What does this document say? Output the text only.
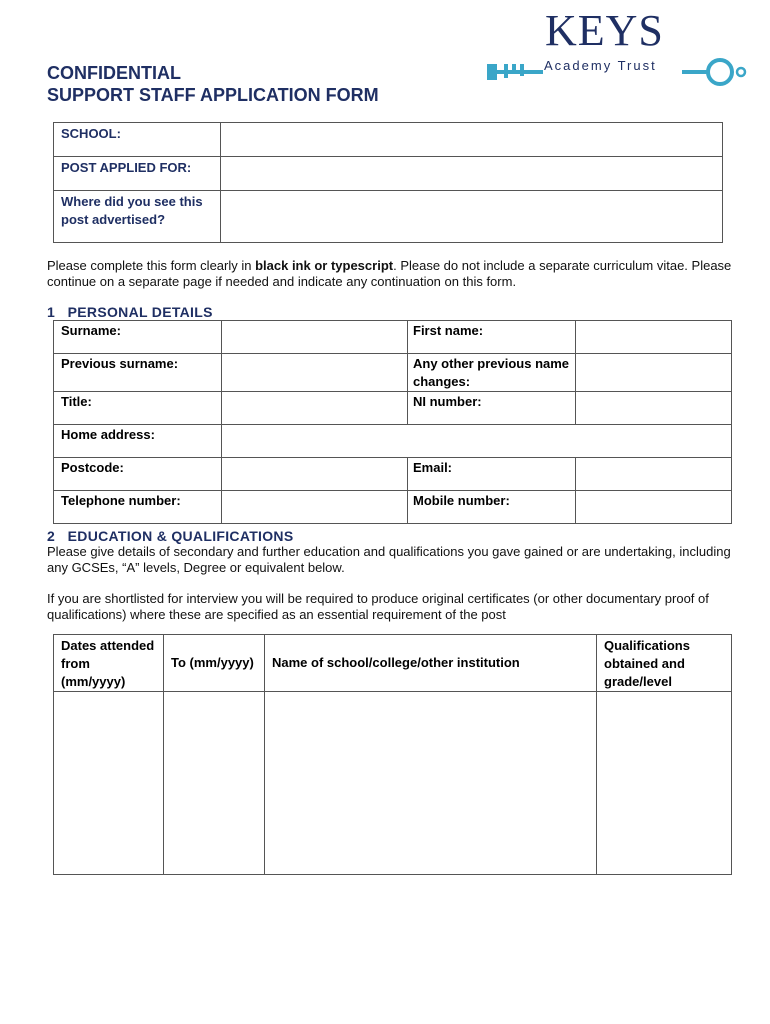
KEYS
Academy Trust
CONFIDENTIAL
SUPPORT STAFF APPLICATION FORM
SCHOOL:	
POST APPLIED FOR:	
Where did you see this post advertised?	
Please complete this form clearly in black ink or typescript. Please do not include a separate curriculum vitae. Please continue on a separate page if needed and indicate any continuation on this form.
1   PERSONAL DETAILS
Surname:		First name:	
Previous surname:		Any other previous name changes:	
Title:		NI number:	
Home address:			
Postcode:		Email:	
Telephone number:		Mobile number:	
2   EDUCATION & QUALIFICATIONS
Please give details of secondary and further education and qualifications you gave gained or are undertaking, including any GCSEs, “A” levels, Degree or equivalent below.
If you are shortlisted for interview you will be required to produce original certificates (or other documentary proof of qualifications) where these are specified as an essential requirement of the post
Dates attended from (mm/yyyy)	To (mm/yyyy)	Name of school/college/other institution	Qualifications obtained and grade/level
